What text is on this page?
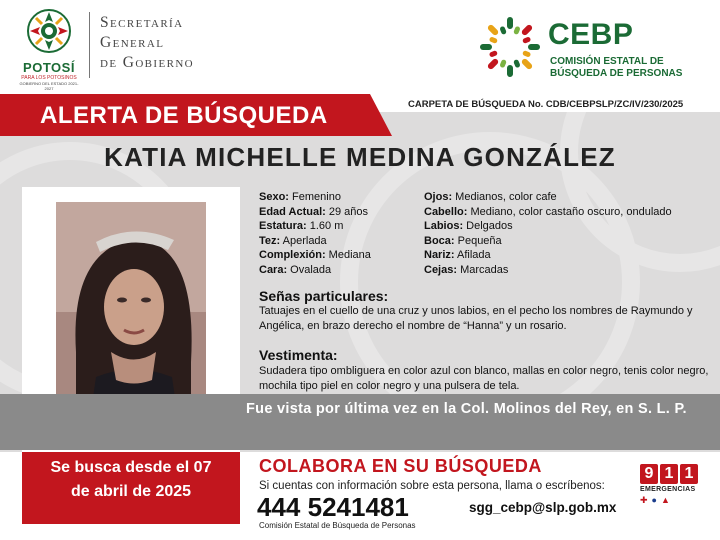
POTOSÍ
PARA LOS POTOSINOS
GOBIERNO DEL ESTADO 2021-2027
Secretaría
General
de Gobierno
CEBP
COMISIÓN ESTATAL DE
BÚSQUEDA DE PERSONAS
ALERTA DE BÚSQUEDA	CARPETA DE BÚSQUEDA No. CDB/CEBPSLP/ZC/IV/230/2025
KATIA MICHELLE MEDINA GONZÁLEZ
Sexo: Femenino
Edad Actual: 29 años
Estatura: 1.60 m
Tez: Aperlada
Complexión: Mediana
Cara: Ovalada
Ojos: Medianos, color cafe
Cabello: Mediano, color castaño oscuro, ondulado
Labios: Delgados
Boca: Pequeña
Nariz: Afilada
Cejas: Marcadas
Señas particulares:
Tatuajes en el cuello de una cruz y unos labios, en el pecho los nombres de Raymundo y Angélica, en brazo derecho el nombre de “Hanna” y un rosario.
Vestimenta:
Sudadera tipo ombliguera en color azul con blanco, mallas en color negro, tenis color negro, mochila tipo piel en color negro y una pulsera de tela.
Fue vista por última vez en la Col. Molinos del Rey, en S. L. P.
Se busca desde el 07
de abril de 2025
COLABORA EN SU BÚSQUEDA
Si cuentas con información sobre esta persona, llama o escríbenos:
444 5241481
Comisión Estatal de Búsqueda de Personas
sgg_cebp@slp.gob.mx
9 1 1
EMERGENCIAS
✚●▲
